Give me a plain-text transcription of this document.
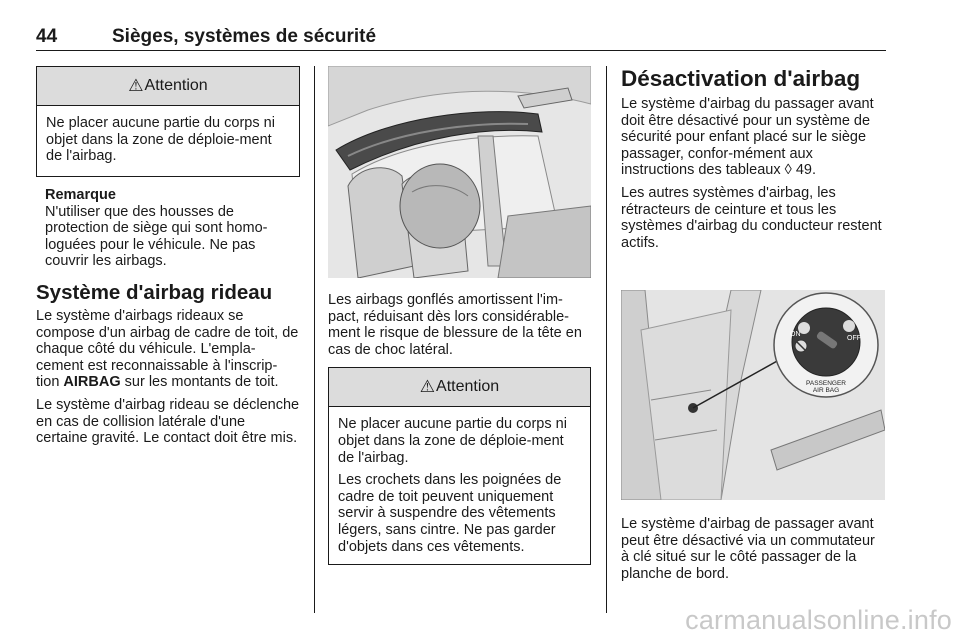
44	Sièges, systèmes de sécurité
⚠ Attention

Ne placer aucune partie du corps ni objet dans la zone de déploie-ment de l'airbag.

Remarque
N'utiliser que des housses de protection de siège qui sont homo-loguées pour le véhicule. Ne pas couvrir les airbags.
Système d'airbag rideau

Le système d'airbags rideaux se compose d'un airbag de cadre de toit, de chaque côté du véhicule. L'empla-cement est reconnaissable à l'inscrip-tion AIRBAG sur les montants de toit.

Le système d'airbag rideau se déclenche en cas de collision latérale d'une certaine gravité. Le contact doit être mis.

Les airbags gonflés amortissent l'im-pact, réduisant dès lors considérable-ment le risque de blessure de la tête en cas de choc latéral.

⚠ Attention

Ne placer aucune partie du corps ni objet dans la zone de déploie-ment de l'airbag.

Les crochets dans les poignées de cadre de toit peuvent uniquement servir à suspendre des vêtements légers, sans cintre. Ne pas garder d'objets dans ces vêtements.

Désactivation d'airbag

Le système d'airbag du passager avant doit être désactivé pour un système de sécurité pour enfant placé sur le siège passager, confor-mément aux instructions des tableaux ◊ 49.

Les autres systèmes d'airbag, les rétracteurs de ceinture et tous les systèmes d'airbag du conducteur restent actifs.

ON
OFF
PASSENGER
AIR BAG

Le système d'airbag de passager avant peut être désactivé via un commutateur à clé situé sur le côté passager de la planche de bord.

carmanualsonline.info
